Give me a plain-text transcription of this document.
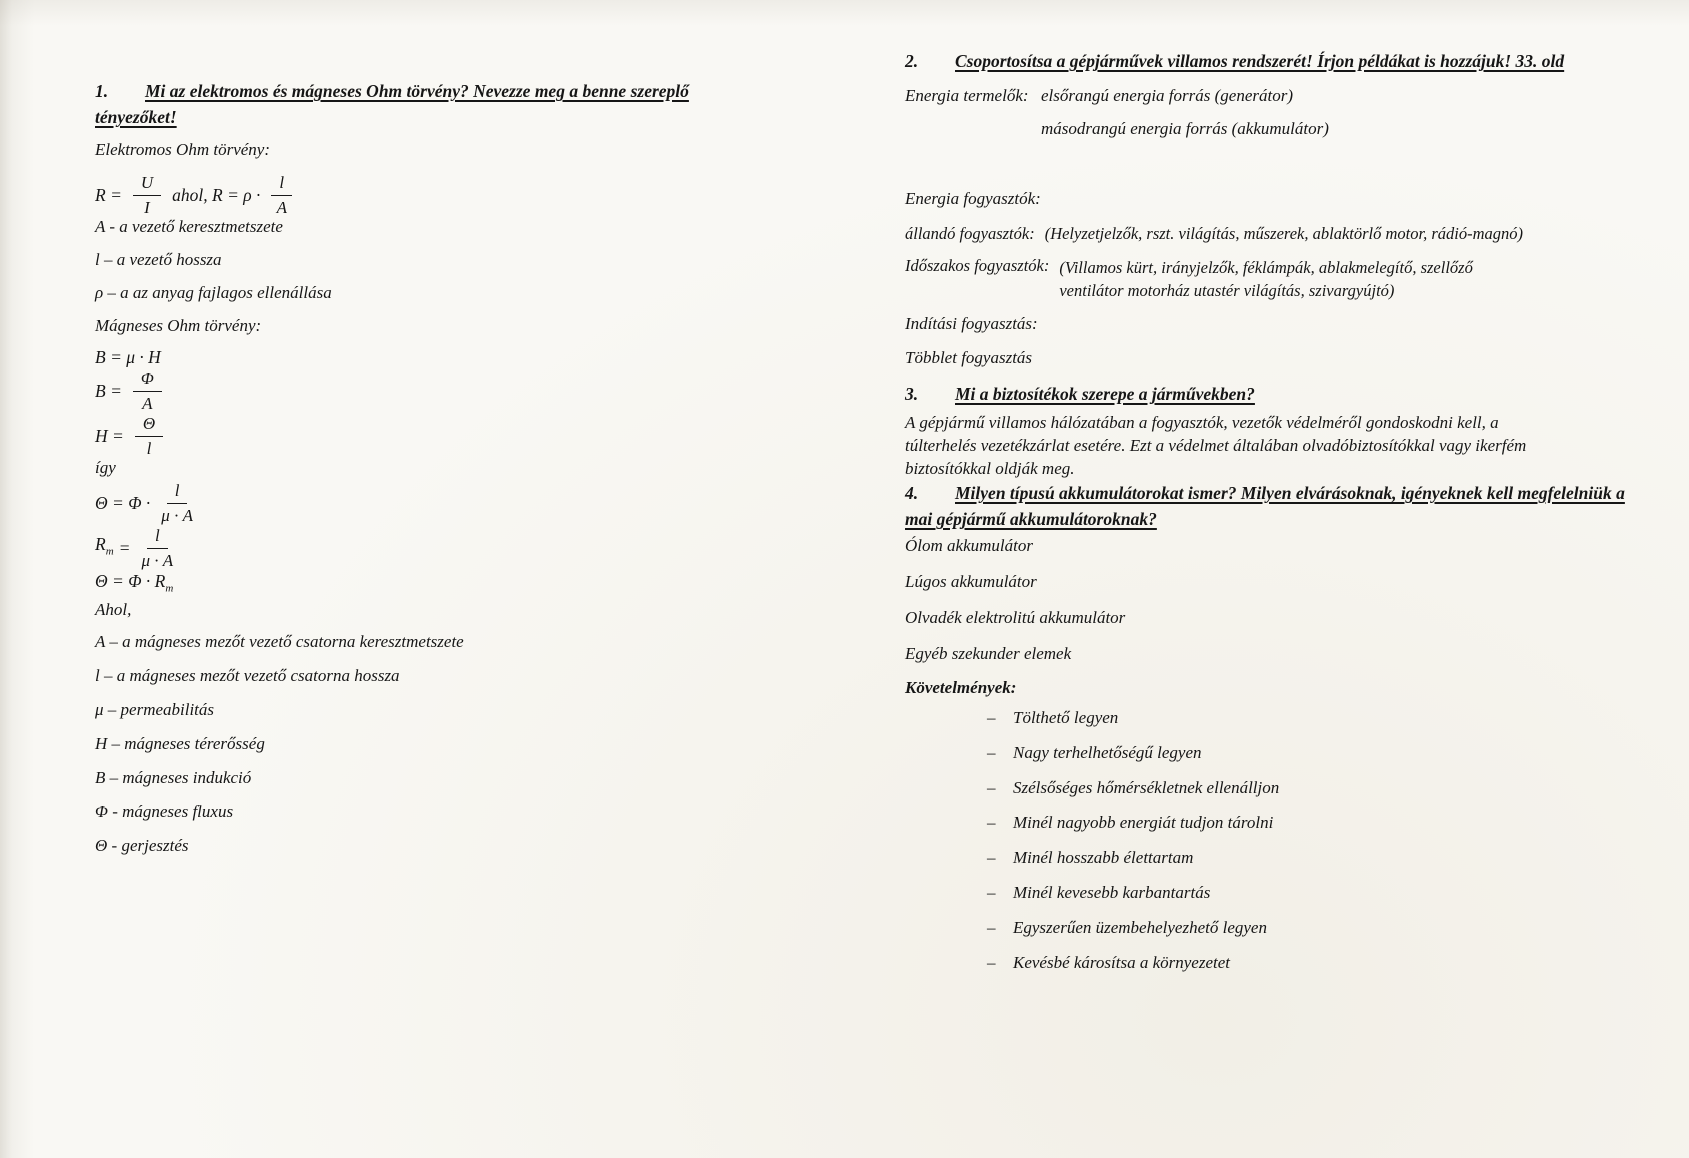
1. Mi az elektromos és mágneses Ohm törvény? Nevezze meg a benne szereplő tényezőket!

Elektromos Ohm törvény:

$R = \frac{U}{I}$ ahol, $R = \rho \cdot \frac{l}{A}$

A - a vezető keresztmetszete

l – a vezető hossza

ρ – a az anyag fajlagos ellenállása

Mágneses Ohm törvény:

B = μ · H

$B = \frac{\Phi}{A}$
$H = \frac{\Theta}{l}$

így

$\Theta = \Phi \cdot \frac{l}{\mu \cdot A}$
$R_m = \frac{l}{\mu \cdot A}$
$\Theta = \Phi \cdot R_m$

Ahol,

A – a mágneses mezőt vezető csatorna keresztmetszete

l – a mágneses mezőt vezető csatorna hossza

μ – permeabilitás

H – mágneses térerősség

B – mágneses indukció

Φ - mágneses fluxus

Θ - gerjesztés

2. Csoportosítsa a gépjárművek villamos rendszerét! Írjon példákat is hozzájuk! 33. old

Energia termelők: elsőrangú energia forrás (generátor)
másodrangú energia forrás (akkumulátor)

Energia fogyasztók:

állandó fogyasztók: (Helyzetjelzők, rszt. világítás, műszerek, ablaktörlő motor, rádió-magnó)
Időszakos fogyasztók: (Villamos kürt, irányjelzők, féklámpák, ablakmelegítő, szellőző ventilátor motorház utastér világítás, szivargyújtó)

Indítási fogyasztás:

Többlet fogyasztás

3. Mi a biztosítékok szerepe a járművekben?

A gépjármű villamos hálózatában a fogyasztók, vezetők védelméről gondoskodni kell, a túlterhelés vezetékzárlat esetére. Ezt a védelmet általában olvadóbiztosítókkal vagy ikerfém biztosítókkal oldják meg.

4. Milyen típusú akkumulátorokat ismer? Milyen elvárásoknak, igényeknek kell megfelelniük a mai gépjármű akkumulátoroknak?

Ólom akkumulátor

Lúgos akkumulátor

Olvadék elektrolitú akkumulátor

Egyéb szekunder elemek

Követelmények:

–	Tölthető legyen
–	Nagy terhelhetőségű legyen
–	Szélsőséges hőmérsékletnek ellenálljon
–	Minél nagyobb energiát tudjon tárolni
–	Minél hosszabb élettartam
–	Minél kevesebb karbantartás
–	Egyszerűen üzembehelyezhető legyen
–	Kevésbé károsítsa a környezetet
